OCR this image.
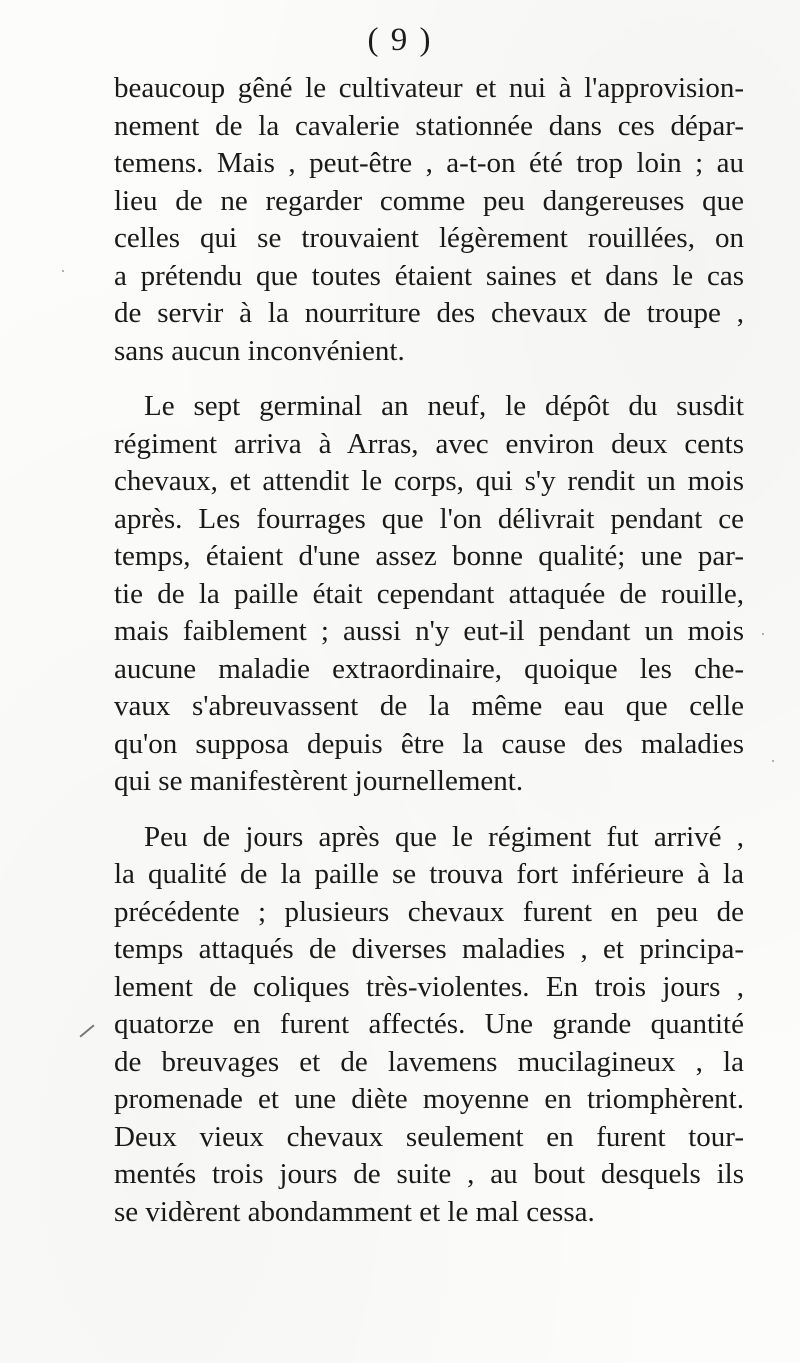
( 9 )
beaucoup gêné le cultivateur et nui à l'approvision-
nement de la cavalerie stationnée dans ces dépar-
temens. Mais , peut-être , a-t-on été trop loin ; au
lieu de ne regarder comme peu dangereuses que
celles qui se trouvaient légèrement rouillées, on
a prétendu que toutes étaient saines et dans le cas
de servir à la nourriture des chevaux de troupe ,
sans aucun inconvénient.
Le sept germinal an neuf, le dépôt du susdit
régiment arriva à Arras, avec environ deux cents
chevaux, et attendit le corps, qui s'y rendit un mois
après. Les fourrages que l'on délivrait pendant ce
temps, étaient d'une assez bonne qualité; une par-
tie de la paille était cependant attaquée de rouille,
mais faiblement ; aussi n'y eut-il pendant un mois
aucune maladie extraordinaire, quoique les che-
vaux s'abreuvassent de la même eau que celle
qu'on supposa depuis être la cause des maladies
qui se manifestèrent journellement.
Peu de jours après que le régiment fut arrivé ,
la qualité de la paille se trouva fort inférieure à la
précédente ; plusieurs chevaux furent en peu de
temps attaqués de diverses maladies , et principa-
lement de coliques très-violentes. En trois jours ,
quatorze en furent affectés. Une grande quantité
de breuvages et de lavemens mucilagineux , la
promenade et une diète moyenne en triomphèrent.
Deux vieux chevaux seulement en furent tour-
mentés trois jours de suite , au bout desquels ils
se vidèrent abondamment et le mal cessa.
